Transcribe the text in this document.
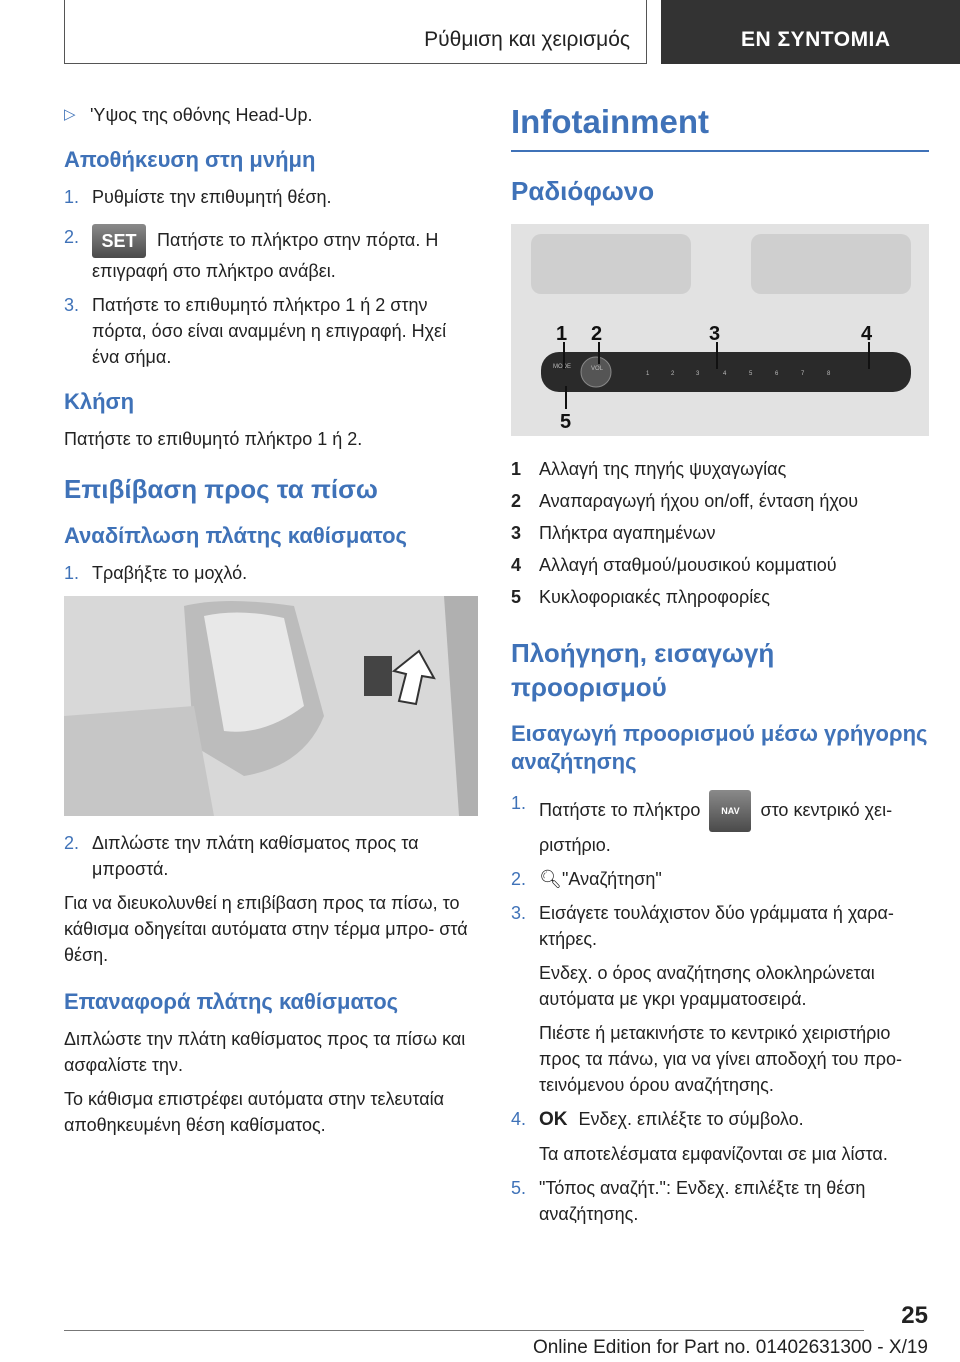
Ρύθμιση και χειρισμός	ΕΝ ΣΥΝΤΟΜΙΑ
▷ 'Υψος της οθόνης Head-Up.
Αποθήκευση στη μνήμη
1. Ρυθμίστε την επιθυμητή θέση.
2. SET Πατήστε το πλήκτρο στην πόρτα. Η επιγραφή στο πλήκτρο ανάβει.
3. Πατήστε το επιθυμητό πλήκτρο 1 ή 2 στην πόρτα, όσο είναι αναμμένη η επιγραφή. Ηχεί ένα σήμα.
Κλήση
Πατήστε το επιθυμητό πλήκτρο 1 ή 2.
Επιβίβαση προς τα πίσω
Αναδίπλωση πλάτης καθίσματος
1. Τραβήξτε το μοχλό.
2. Διπλώστε την πλάτη καθίσματος προς τα μπροστά.
Για να διευκολυνθεί η επιβίβαση προς τα πίσω, το κάθισμα οδηγείται αυτόματα στην τέρμα μπρο- στά θέση.
Επαναφορά πλάτης καθίσματος
Διπλώστε την πλάτη καθίσματος προς τα πίσω και ασφαλίστε την.
Το κάθισμα επιστρέφει αυτόματα στην τελευταία αποθηκευμένη θέση καθίσματος.
Infotainment
Ραδιόφωνο
MODE	VOL
1	2	3	4	5	6	7	8
1 2	3	4
5
1 Αλλαγή της πηγής ψυχαγωγίας
2 Αναπαραγωγή ήχου on/off, ένταση ήχου
3 Πλήκτρα αγαπημένων
4 Αλλαγή σταθμού/μουσικού κομματιού
5 Κυκλοφοριακές πληροφορίες
Πλοήγηση, εισαγωγή προορισμού
Εισαγωγή προορισμού μέσω γρήγορης αναζήτησης
1. Πατήστε το πλήκτρο NAV στο κεντρικό χει- ριστήριο.
2. 🔍︎ "Αναζήτηση"
3. Εισάγετε τουλάχιστον δύο γράμματα ή χαρα- κτήρες.
Ενδεχ. ο όρος αναζήτησης ολοκληρώνεται αυτόματα με γκρι γραμματοσειρά.
Πιέστε ή μετακινήστε το κεντρικό χειριστήριο προς τα πάνω, για να γίνει αποδοχή του προ- τεινόμενου όρου αναζήτησης.
4. OK Ενδεχ. επιλέξτε το σύμβολο.
Τα αποτελέσματα εμφανίζονται σε μια λίστα.
5. "Τόπος αναζήτ.": Ενδεχ. επιλέξτε τη θέση αναζήτησης.
25
Online Edition for Part no. 01402631300 - X/19
